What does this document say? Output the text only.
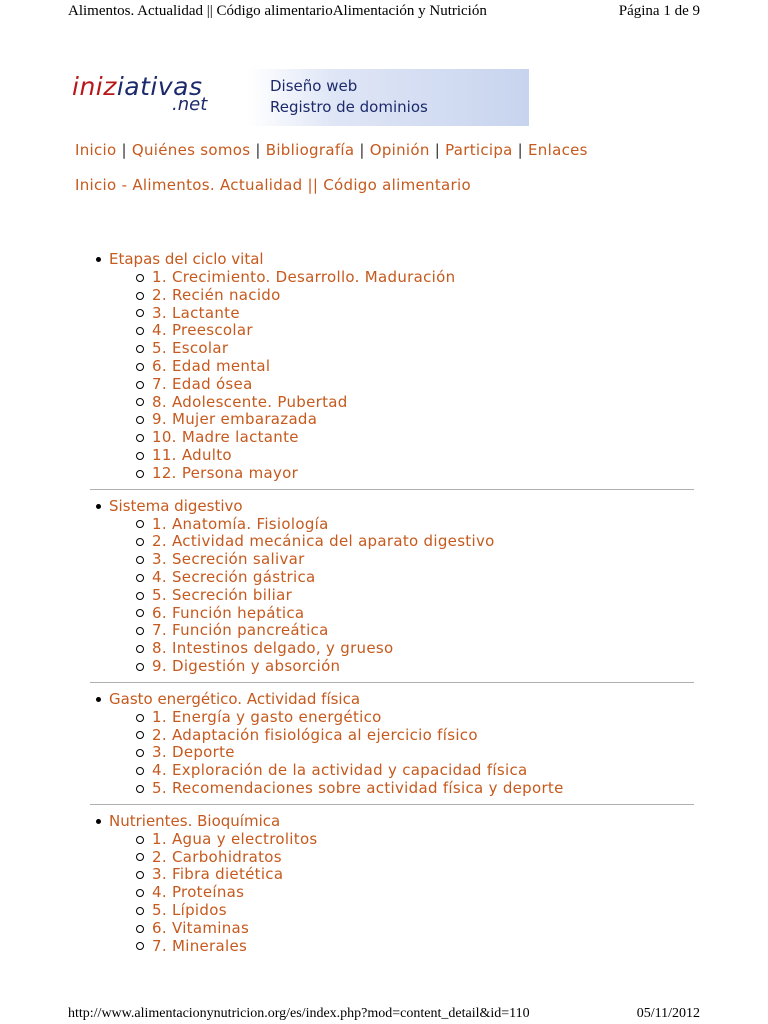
Alimentos. Actualidad || Código alimentarioAlimentación y Nutrición	Página 1 de 9
iniziativas
.net
Diseño web
Registro de dominios
Inicio | Quiénes somos | Bibliografía | Opinión | Participa | Enlaces
Inicio - Alimentos. Actualidad || Código alimentario
Etapas del ciclo vital
1. Crecimiento. Desarrollo. Maduración
2. Recién nacido
3. Lactante
4. Preescolar
5. Escolar
6. Edad mental
7. Edad ósea
8. Adolescente. Pubertad
9. Mujer embarazada
10. Madre lactante
11. Adulto
12. Persona mayor
Sistema digestivo
1. Anatomía. Fisiología
2. Actividad mecánica del aparato digestivo
3. Secreción salivar
4. Secreción gástrica
5. Secreción biliar
6. Función hepática
7. Función pancreática
8. Intestinos delgado, y grueso
9. Digestión y absorción
Gasto energético. Actividad física
1. Energía y gasto energético
2. Adaptación fisiológica al ejercicio físico
3. Deporte
4. Exploración de la actividad y capacidad física
5. Recomendaciones sobre actividad física y deporte
Nutrientes. Bioquímica
1. Agua y electrolitos
2. Carbohidratos
3. Fibra dietética
4. Proteínas
5. Lípidos
6. Vitaminas
7. Minerales
http://www.alimentacionynutricion.org/es/index.php?mod=content_detail&id=110	05/11/2012
